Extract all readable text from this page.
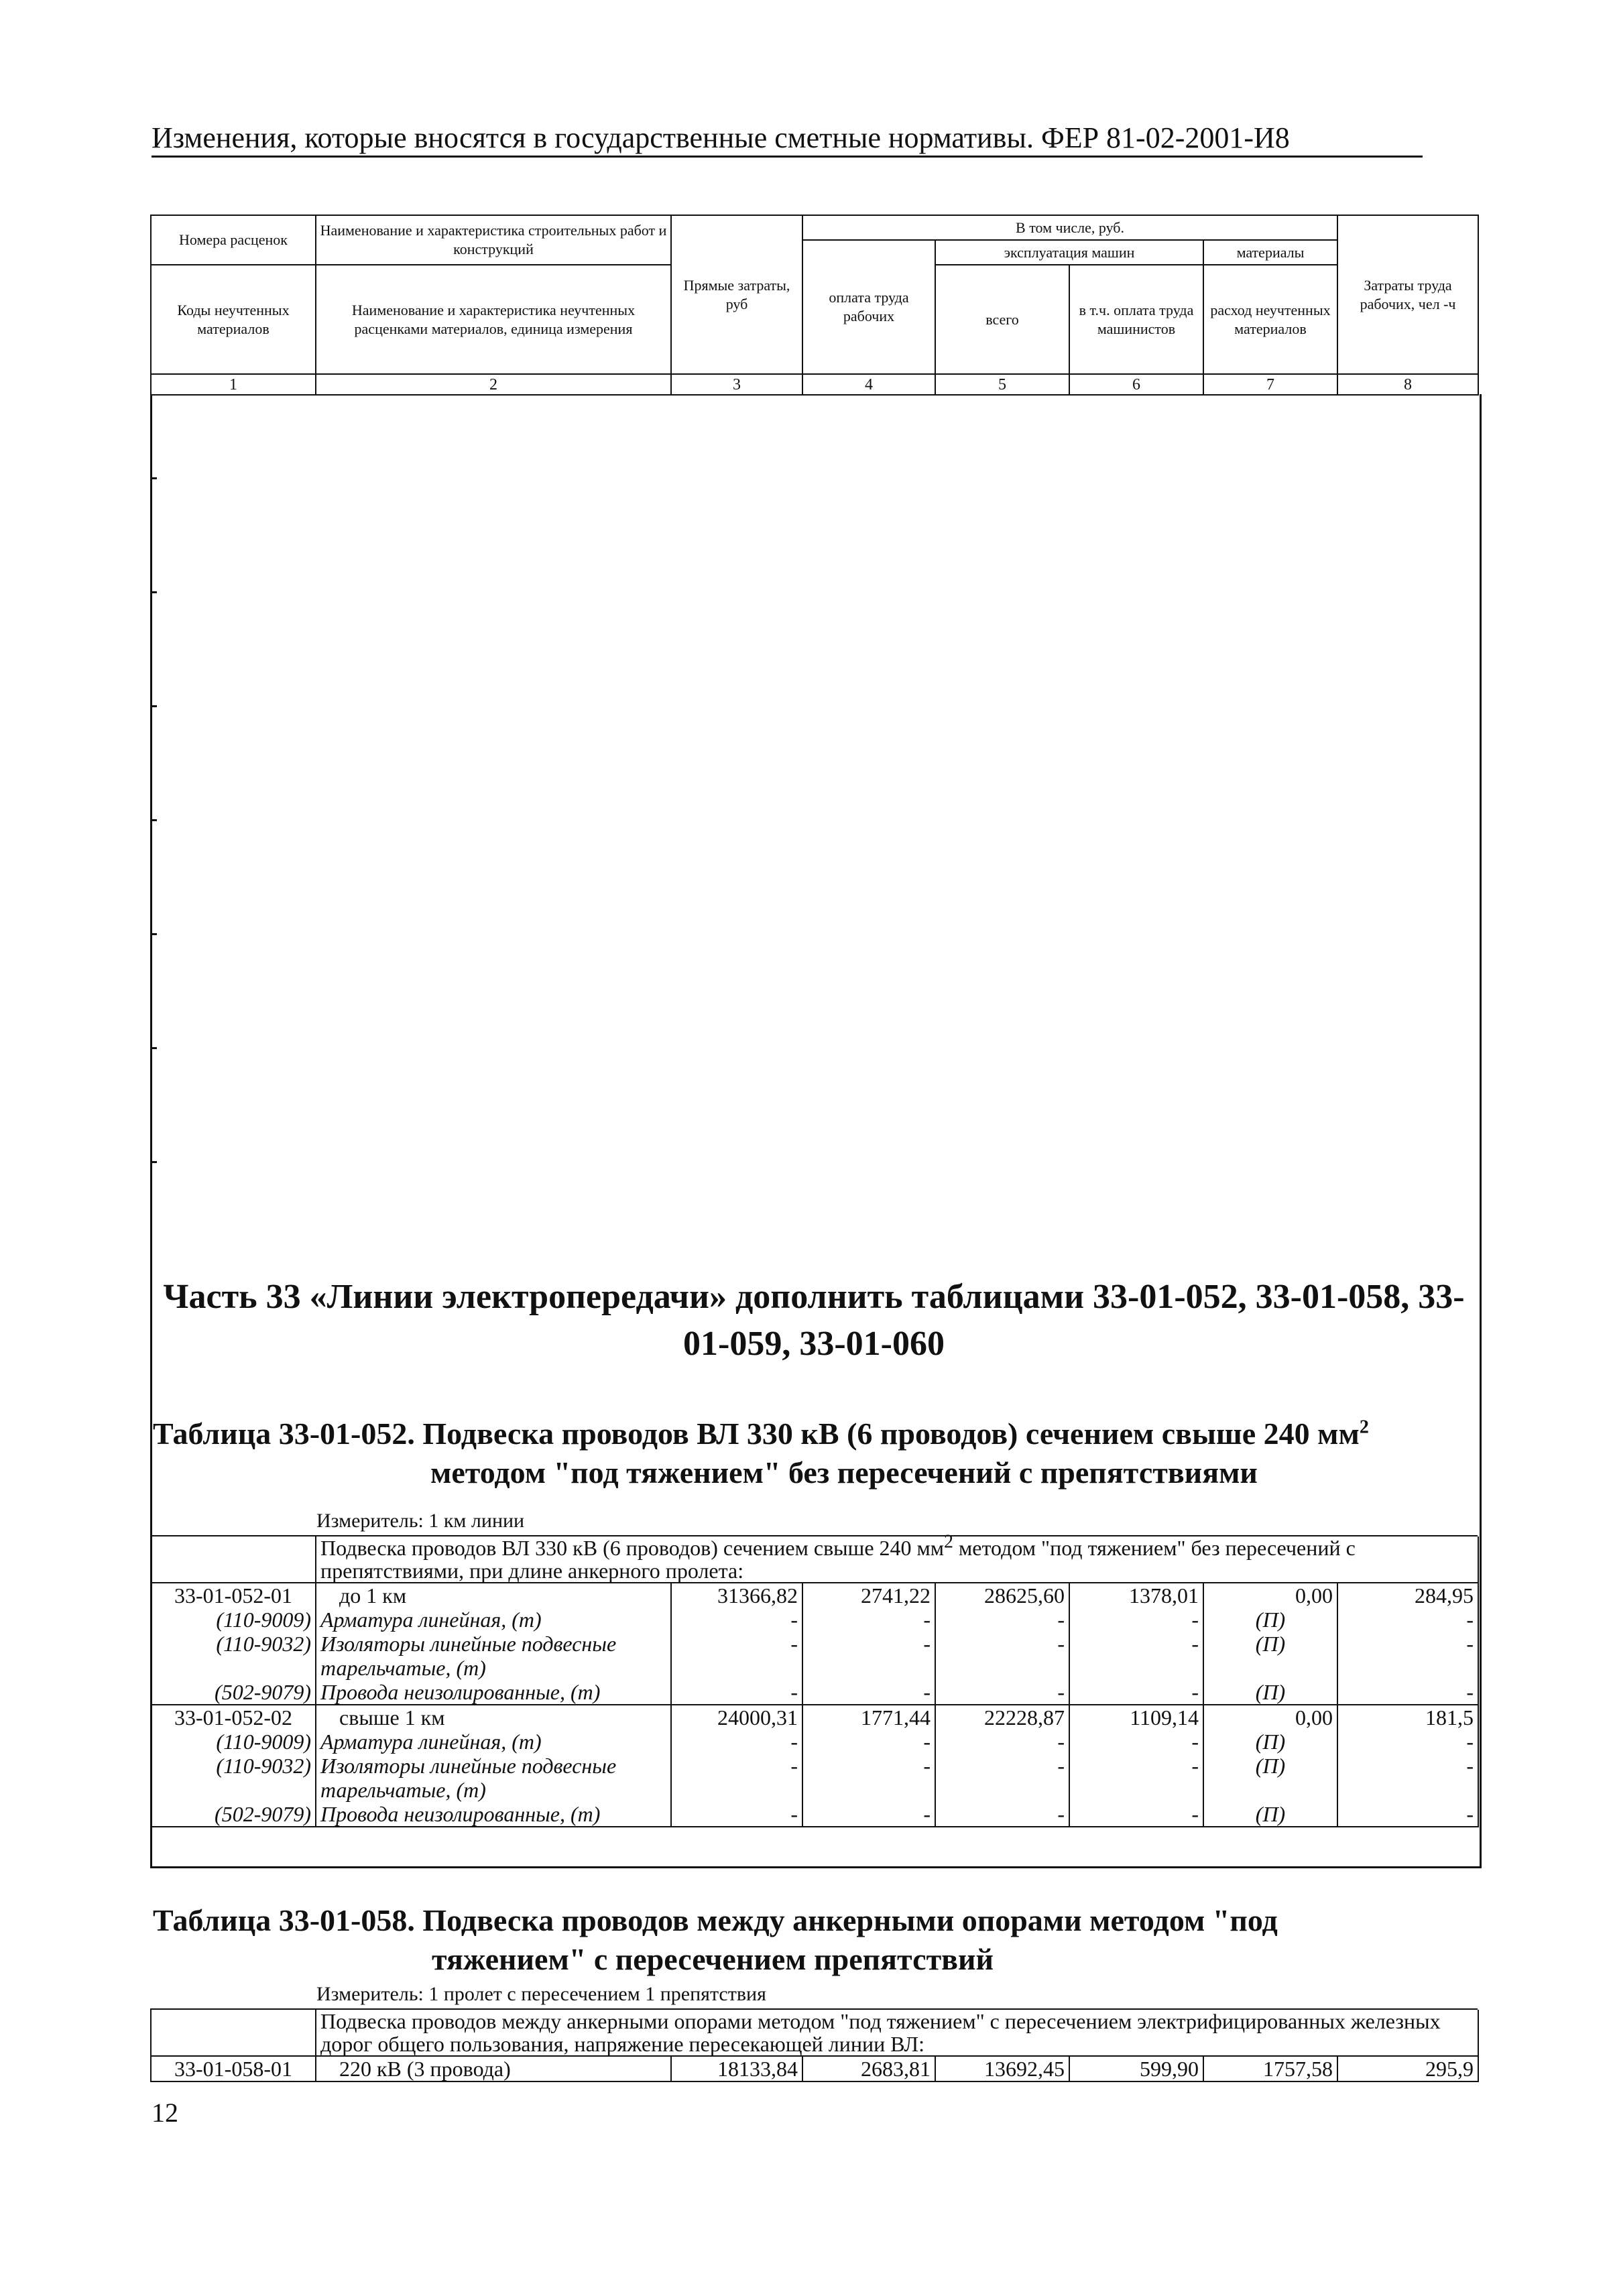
Изменения, которые вносятся в государственные сметные нормативы. ФЕР 81-02-2001-И8
Номера расценок	Наименование и характеристика строительных работ и конструкций	Прямые затраты, руб	В том числе, руб.				Затраты труда рабочих, чел -ч
			оплата труда рабочих	эксплуатация машин		материалы	
Коды неучтенных материалов	Наименование и характеристика неучтенных расценками материалов, единица измерения			всего	в т.ч. оплата труда машинистов	расход неучтенных материалов	

1	2	3	4	5	6	7	8
Часть 33 «Линии электропередачи» дополнить таблицами 33-01-052, 33-01-058, 33-01-059, 33-01-060
Таблица 33-01-052. Подвеска проводов ВЛ 330 кВ (6 проводов) сечением свыше 240 $мм^2$
методом "под тяжением" без пересечений с препятствиями
Измеритель: 1 км линии
	Подвеска проводов ВЛ 330 кВ (6 проводов) сечением свыше 240 $мм^2$ методом "под тяжением" без пересечений с препятствиями, при длине анкерного пролета:						
33-01-052-01	до 1 км	31366,82	2741,22	28625,60	1378,01	0,00	284,95
(110-9009)	Арматура линейная, (т)	-	-	-	-	(П)	-
(110-9032)	Изоляторы линейные подвесные тарельчатые, (т)	-	-	-	-	(П)	-
(502-9079)	Провода неизолированные, (т)	-	-	-	-	(П)	-
33-01-052-02	свыше 1 км	24000,31	1771,44	22228,87	1109,14	0,00	181,5
(110-9009)	Арматура линейная, (т)	-	-	-	-	(П)	-
(110-9032)	Изоляторы линейные подвесные тарельчатые, (т)	-	-	-	-	(П)	-
(502-9079)	Провода неизолированные, (т)	-	-	-	-	(П)	-
Таблица 33-01-058. Подвеска проводов между анкерными опорами методом "под
тяжением" с пересечением препятствий
Измеритель: 1 пролет с пересечением 1 препятствия
	Подвеска проводов между анкерными опорами методом "под тяжением" с пересечением электрифицированных железных дорог общего пользования, напряжение пересекающей линии ВЛ:						
33-01-058-01	220 кВ (3 провода)	18133,84	2683,81	13692,45	599,90	1757,58	295,9
12
